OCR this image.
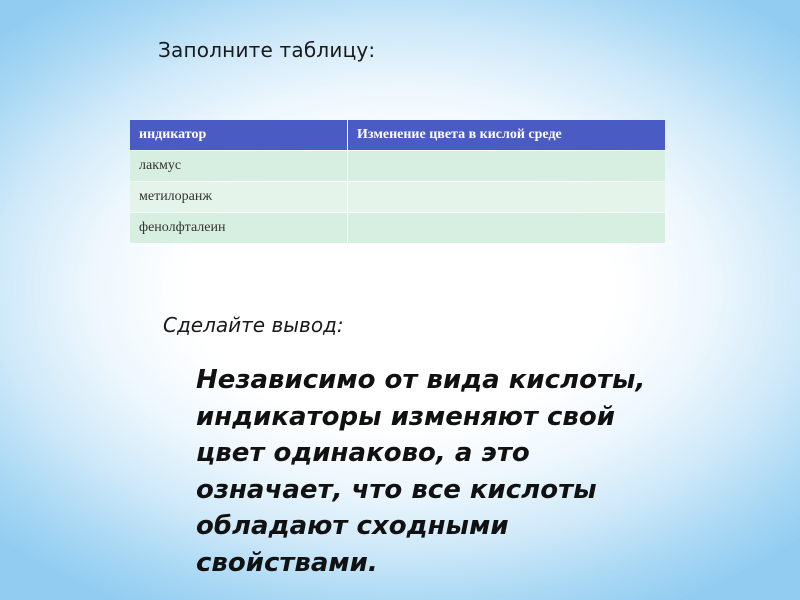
Заполните таблицу:
индикатор	Изменение цвета в кислой среде
лакмус
метилоранж
фенолфталеин
Сделайте вывод:
Независимо от вида кислоты,
индикаторы изменяют свой
цвет одинаково, а это
означает, что все кислоты
обладают сходными
свойствами.
